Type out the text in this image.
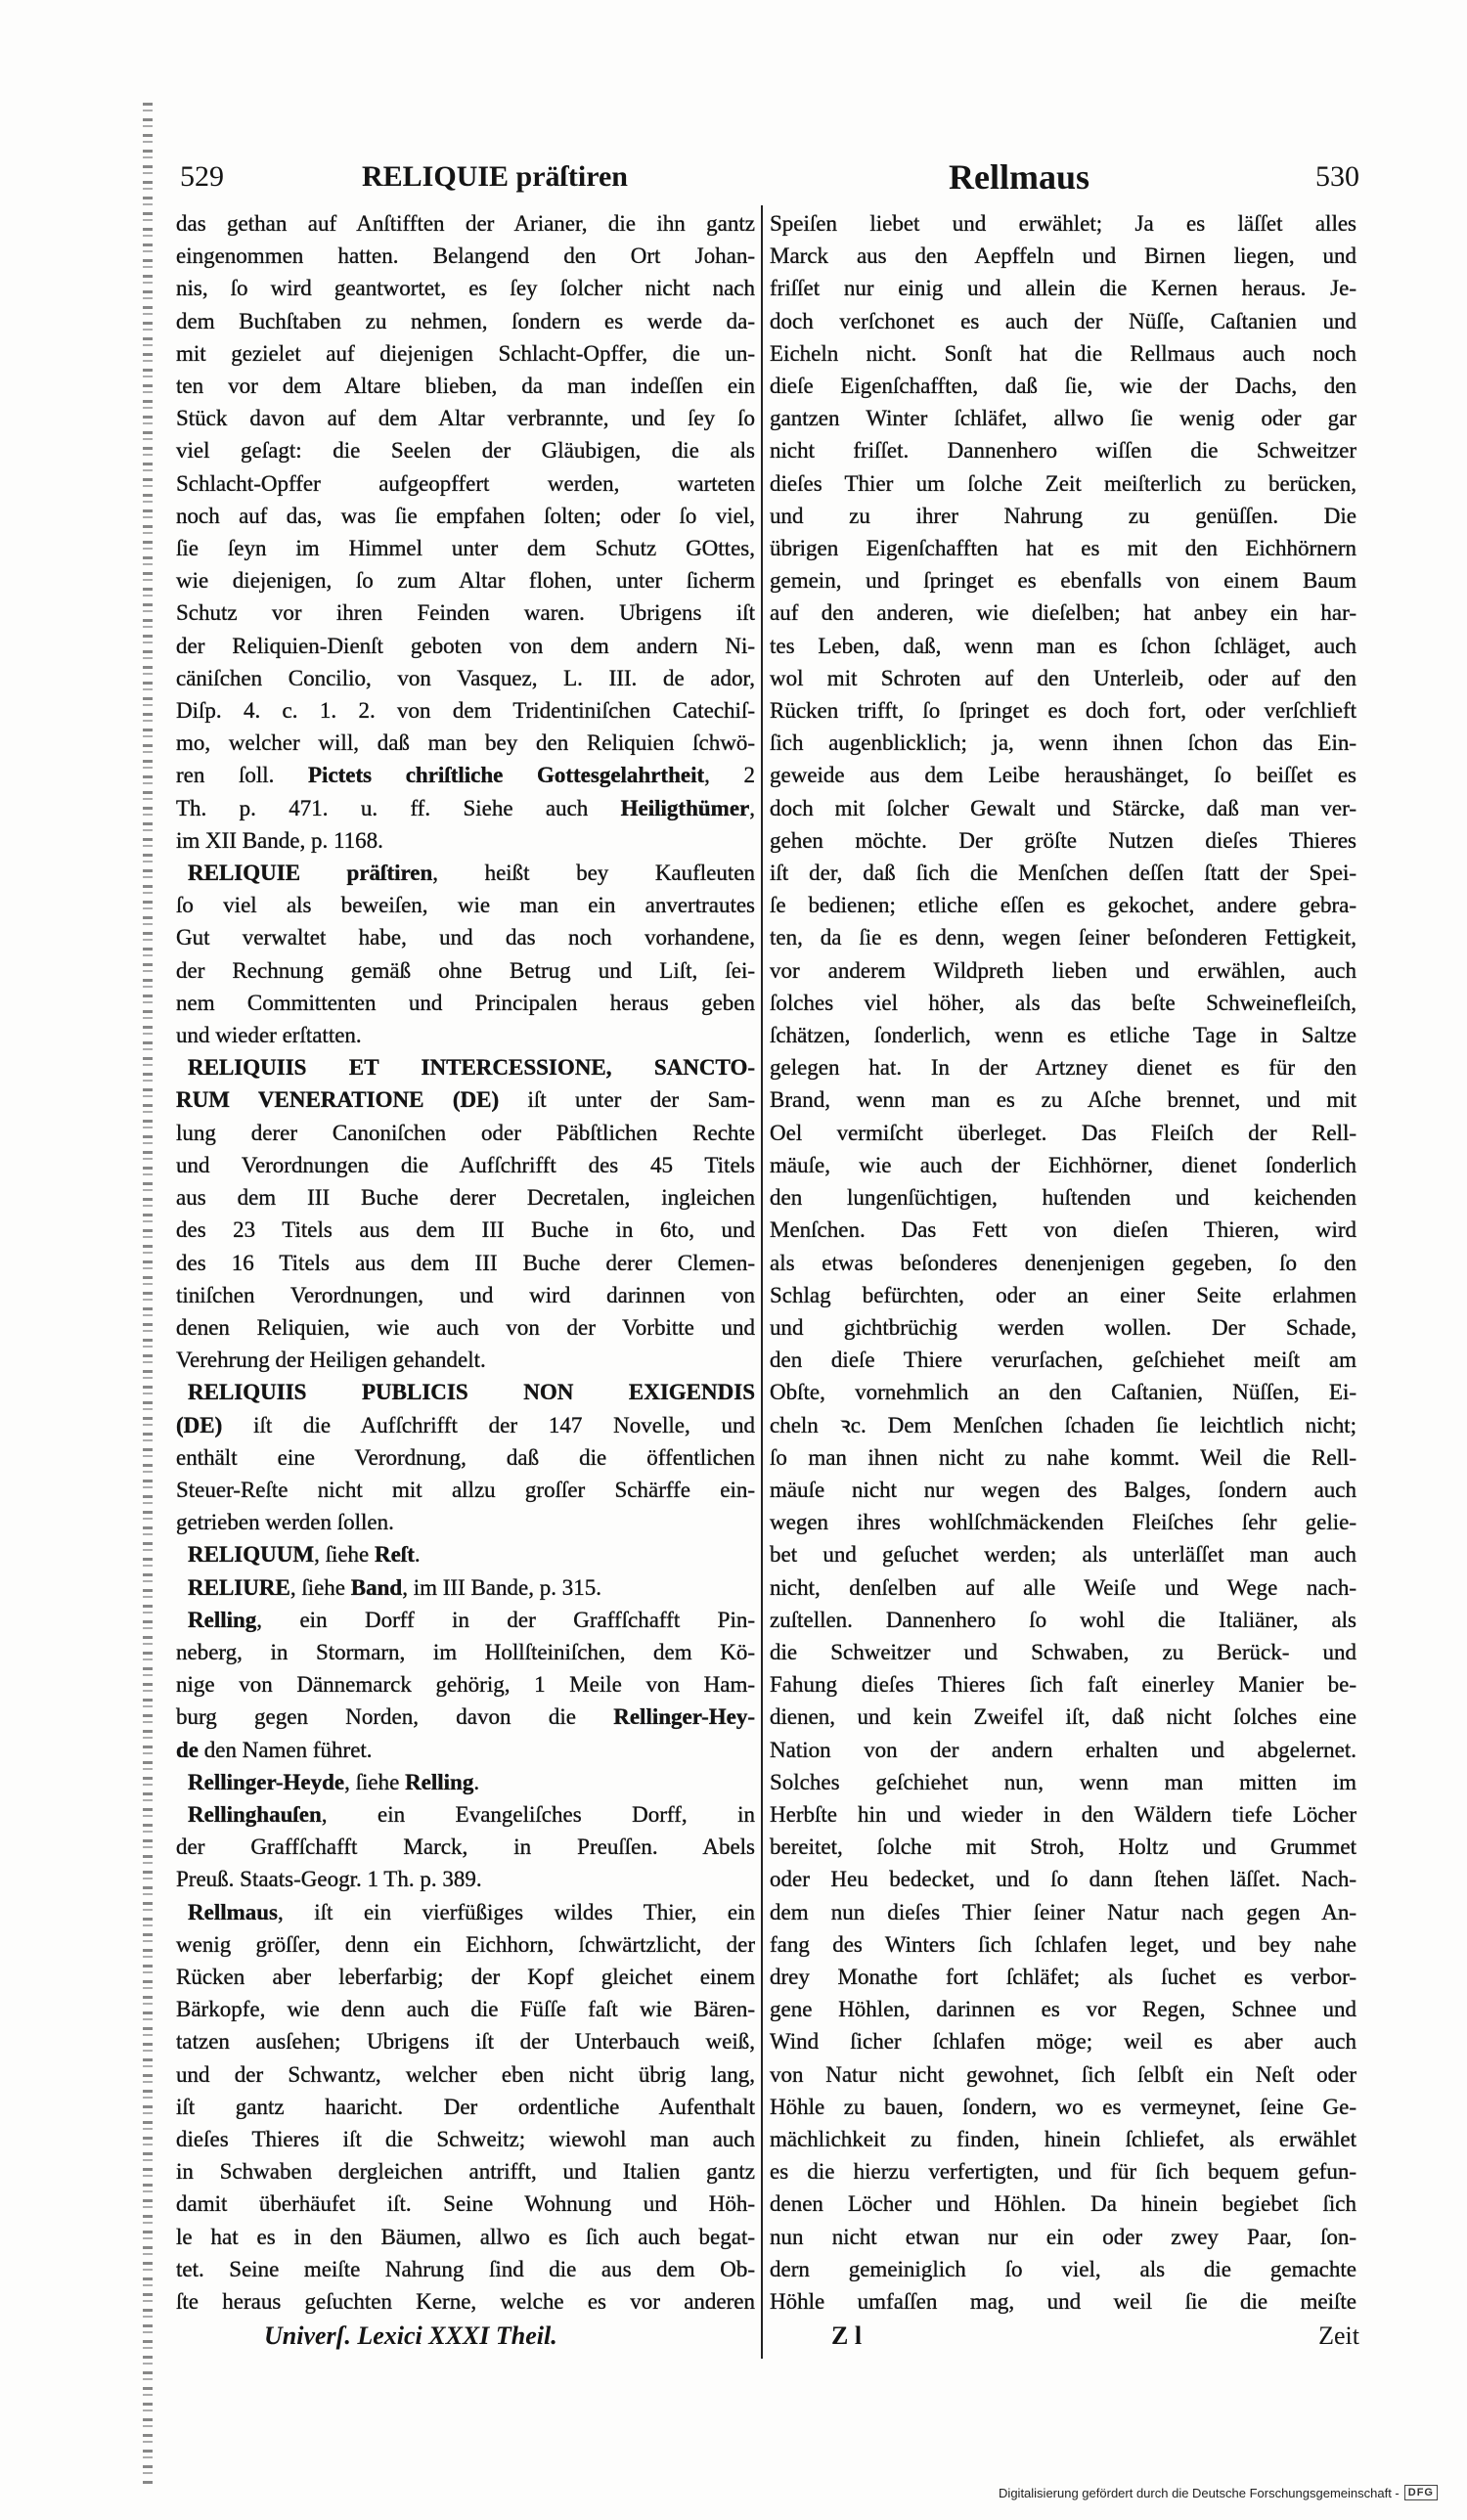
529	RELIQUIE präſtiren	Rellmaus	530
das gethan auf Anſtifften der Arianer, die ihn gantz
eingenommen hatten. Belangend den Ort Johan-
nis, ſo wird geantwortet, es ſey ſolcher nicht nach
dem Buchſtaben zu nehmen, ſondern es werde da-
mit gezielet auf diejenigen Schlacht-Opffer, die un-
ten vor dem Altare blieben, da man indeſſen ein
Stück davon auf dem Altar verbrannte, und ſey ſo
viel geſagt: die Seelen der Gläubigen, die als
Schlacht-Opffer aufgeopffert werden, warteten
noch auf das, was ſie empfahen ſolten; oder ſo viel,
ſie ſeyn im Himmel unter dem Schutz GOttes,
wie diejenigen, ſo zum Altar flohen, unter ſicherm
Schutz vor ihren Feinden waren. Ubrigens iſt
der Reliquien-Dienſt geboten von dem andern Ni-
cäniſchen Concilio, von Vasquez, L. III. de ador,
Diſp. 4. c. 1. 2. von dem Tridentiniſchen Catechiſ-
mo, welcher will, daß man bey den Reliquien ſchwö-
ren ſoll. Pictets chriſtliche Gottesgelahrtheit, 2
Th. p. 471. u. ff. Siehe auch Heiligthümer,
im XII Bande, p. 1168.
RELIQUIE präſtiren, heißt bey Kaufleuten
ſo viel als beweiſen, wie man ein anvertrautes
Gut verwaltet habe, und das noch vorhandene,
der Rechnung gemäß ohne Betrug und Liſt, ſei-
nem Committenten und Principalen heraus geben
und wieder erſtatten.
RELIQUIIS ET INTERCESSIONE, SANCTO-
RUM VENERATIONE (DE) iſt unter der Sam-
lung derer Canoniſchen oder Päbſtlichen Rechte
und Verordnungen die Aufſchrifft des 45 Titels
aus dem III Buche derer Decretalen, ingleichen
des 23 Titels aus dem III Buche in 6to, und
des 16 Titels aus dem III Buche derer Clemen-
tiniſchen Verordnungen, und wird darinnen von
denen Reliquien, wie auch von der Vorbitte und
Verehrung der Heiligen gehandelt.
RELIQUIIS PUBLICIS NON EXIGENDIS
(DE) iſt die Aufſchrifft der 147 Novelle, und
enthält eine Verordnung, daß die öffentlichen
Steuer-Reſte nicht mit allzu groſſer Schärffe ein-
getrieben werden ſollen.
RELIQUUM, ſiehe Reſt.
RELIURE, ſiehe Band, im III Bande, p. 315.
Relling, ein Dorff in der Graffſchafft Pin-
neberg, in Stormarn, im Hollſteiniſchen, dem Kö-
nige von Dännemarck gehörig, 1 Meile von Ham-
burg gegen Norden, davon die Rellinger-Hey-
de den Namen führet.
Rellinger-Heyde, ſiehe Relling.
Rellinghauſen, ein Evangeliſches Dorff, in
der Graffſchafft Marck, in Preuſſen. Abels
Preuß. Staats-Geogr. 1 Th. p. 389.
Rellmaus, iſt ein vierfüßiges wildes Thier, ein
wenig gröſſer, denn ein Eichhorn, ſchwärtzlicht, der
Rücken aber leberfarbig; der Kopf gleichet einem
Bärkopfe, wie denn auch die Füſſe faſt wie Bären-
tatzen ausſehen; Ubrigens iſt der Unterbauch weiß,
und der Schwantz, welcher eben nicht übrig lang,
iſt gantz haaricht. Der ordentliche Aufenthalt
dieſes Thieres iſt die Schweitz; wiewohl man auch
in Schwaben dergleichen antrifft, und Italien gantz
damit überhäufet iſt. Seine Wohnung und Höh-
le hat es in den Bäumen, allwo es ſich auch begat-
tet. Seine meiſte Nahrung ſind die aus dem Ob-
ſte heraus geſuchten Kerne, welche es vor anderen
Speiſen liebet und erwählet; Ja es läſſet alles
Marck aus den Aepffeln und Birnen liegen, und
friſſet nur einig und allein die Kernen heraus. Je-
doch verſchonet es auch der Nüſſe, Caſtanien und
Eicheln nicht. Sonſt hat die Rellmaus auch noch
dieſe Eigenſchafften, daß ſie, wie der Dachs, den
gantzen Winter ſchläfet, allwo ſie wenig oder gar
nicht friſſet. Dannenhero wiſſen die Schweitzer
dieſes Thier um ſolche Zeit meiſterlich zu berücken,
und zu ihrer Nahrung zu genüſſen. Die
übrigen Eigenſchafften hat es mit den Eichhörnern
gemein, und ſpringet es ebenfalls von einem Baum
auf den anderen, wie dieſelben; hat anbey ein har-
tes Leben, daß, wenn man es ſchon ſchläget, auch
wol mit Schroten auf den Unterleib, oder auf den
Rücken trifft, ſo ſpringet es doch fort, oder verſchlieft
ſich augenblicklich; ja, wenn ihnen ſchon das Ein-
geweide aus dem Leibe heraushänget, ſo beiſſet es
doch mit ſolcher Gewalt und Stärcke, daß man ver-
gehen möchte. Der gröſte Nutzen dieſes Thieres
iſt der, daß ſich die Menſchen deſſen ſtatt der Spei-
ſe bedienen; etliche eſſen es gekochet, andere gebra-
ten, da ſie es denn, wegen ſeiner beſonderen Fettigkeit,
vor anderem Wildpreth lieben und erwählen, auch
ſolches viel höher, als das beſte Schweinefleiſch,
ſchätzen, ſonderlich, wenn es etliche Tage in Saltze
gelegen hat. In der Artzney dienet es für den
Brand, wenn man es zu Aſche brennet, und mit
Oel vermiſcht überleget. Das Fleiſch der Rell-
mäuſe, wie auch der Eichhörner, dienet ſonderlich
den lungenſüchtigen, huſtenden und keichenden
Menſchen. Das Fett von dieſen Thieren, wird
als etwas beſonderes denenjenigen gegeben, ſo den
Schlag befürchten, oder an einer Seite erlahmen
und gichtbrüchig werden wollen. Der Schade,
den dieſe Thiere verurſachen, geſchiehet meiſt am
Obſte, vornehmlich an den Caſtanien, Nüſſen, Ei-
cheln ꝛc. Dem Menſchen ſchaden ſie leichtlich nicht;
ſo man ihnen nicht zu nahe kommt. Weil die Rell-
mäuſe nicht nur wegen des Balges, ſondern auch
wegen ihres wohlſchmäckenden Fleiſches ſehr gelie-
bet und geſuchet werden; als unterläſſet man auch
nicht, denſelben auf alle Weiſe und Wege nach-
zuſtellen. Dannenhero ſo wohl die Italiäner, als
die Schweitzer und Schwaben, zu Berück- und
Fahung dieſes Thieres ſich faſt einerley Manier be-
dienen, und kein Zweifel iſt, daß nicht ſolches eine
Nation von der andern erhalten und abgelernet.
Solches geſchiehet nun, wenn man mitten im
Herbſte hin und wieder in den Wäldern tiefe Löcher
bereitet, ſolche mit Stroh, Holtz und Grummet
oder Heu bedecket, und ſo dann ſtehen läſſet. Nach-
dem nun dieſes Thier ſeiner Natur nach gegen An-
fang des Winters ſich ſchlafen leget, und bey nahe
drey Monathe fort ſchläfet; als ſuchet es verbor-
gene Höhlen, darinnen es vor Regen, Schnee und
Wind ſicher ſchlafen möge; weil es aber auch
von Natur nicht gewohnet, ſich ſelbſt ein Neſt oder
Höhle zu bauen, ſondern, wo es vermeynet, ſeine Ge-
mächlichkeit zu finden, hinein ſchliefet, als erwählet
es die hierzu verfertigten, und für ſich bequem gefun-
denen Löcher und Höhlen. Da hinein begiebet ſich
nun nicht etwan nur ein oder zwey Paar, ſon-
dern gemeiniglich ſo viel, als die gemachte
Höhle umfaſſen mag, und weil ſie die meiſte
Univerſ. Lexici XXXI Theil.	Z l	Zeit
Digitalisierung gefördert durch die Deutsche Forschungsgemeinschaft - DFG
